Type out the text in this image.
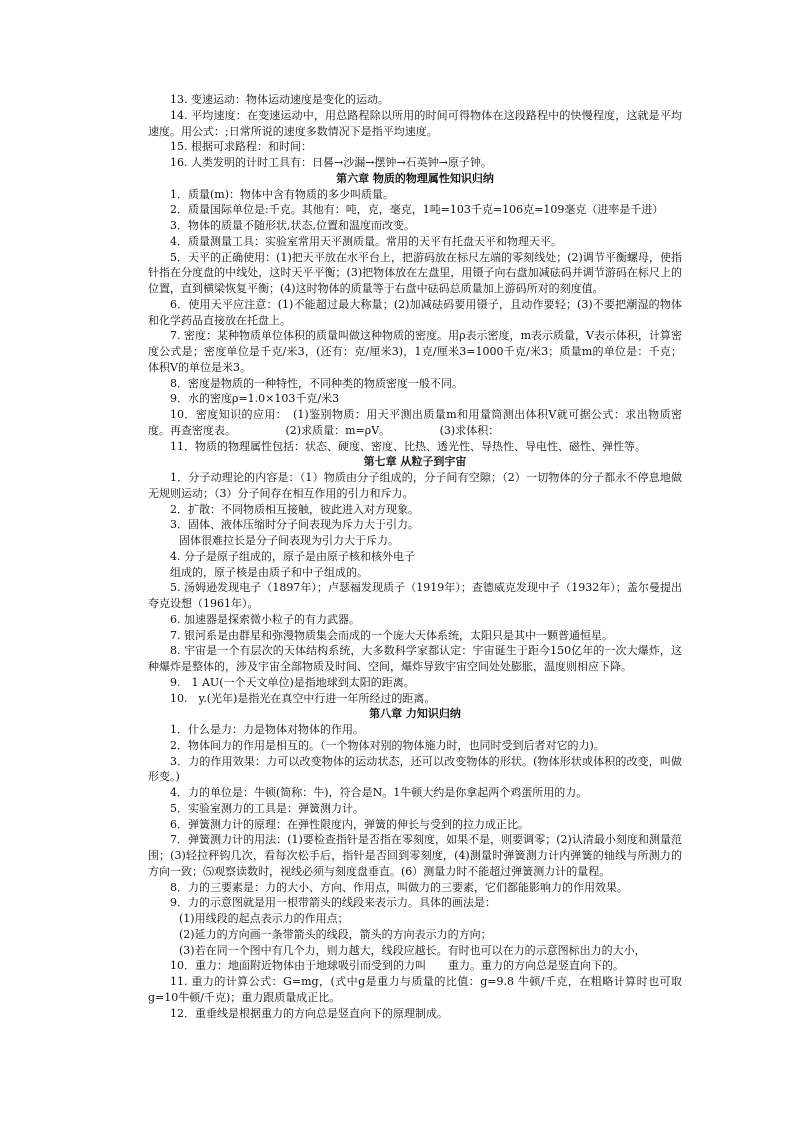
13. 变速运动：物体运动速度是变化的运动。
14. 平均速度：在变速运动中，用总路程除以所用的时间可得物体在这段路程中的快慢程度，这就是平均速度。用公式：;日常所说的速度多数情况下是指平均速度。
15. 根据可求路程：和时间：
16. 人类发明的计时工具有：日晷→沙漏→摆钟→石英钟→原子钟。
第六章 物质的物理属性知识归纳
1．质量(m)：物体中含有物质的多少叫质量。
2．质量国际单位是:千克。其他有：吨，克，毫克，1吨=103千克=106克=109毫克（进率是千进）
3．物体的质量不随形状,状态,位置和温度而改变。
4．质量测量工具：实验室常用天平测质量。常用的天平有托盘天平和物理天平。
5．天平的正确使用：(1)把天平放在水平台上，把游码放在标尺左端的零刻线处；(2)调节平衡螺母，使指针指在分度盘的中线处，这时天平平衡；(3)把物体放在左盘里，用镊子向右盘加减砝码并调节游码在标尺上的位置，直到横梁恢复平衡；(4)这时物体的质量等于右盘中砝码总质量加上游码所对的刻度值。
6．使用天平应注意：(1)不能超过最大称量；(2)加减砝码要用镊子，且动作要轻；(3)不要把潮湿的物体和化学药品直接放在托盘上。
7. 密度：某种物质单位体积的质量叫做这种物质的密度。用ρ表示密度，m表示质量，V表示体积，计算密度公式是；密度单位是千克/米3，(还有：克/厘米3)，1克/厘米3=1000千克/米3；质量m的单位是：千克；体积V的单位是米3。
8．密度是物质的一种特性，不同种类的物质密度一般不同。
9．水的密度ρ=1.0×103千克/米3
10．密度知识的应用：　(1)鉴别物质：用天平测出质量m和用量筒测出体积V就可据公式：求出物质密度。再查密度表。　　　　　(2)求质量：m=ρV。　　　　　(3)求体积：
11．物质的物理属性包括：状态、硬度、密度、比热、透光性、导热性、导电性、磁性、弹性等。
第七章 从粒子到宇宙
1．分子动理论的内容是：（1）物质由分子组成的，分子间有空隙；（2）一切物体的分子都永不停息地做无规则运动；（3）分子间存在相互作用的引力和斥力。
2．扩散：不同物质相互接触，彼此进入对方现象。
3．固体、液体压缩时分子间表现为斥力大于引力。
固体很难拉长是分子间表现为引力大于斥力。
4. 分子是原子组成的，原子是由原子核和核外电子
组成的，原子核是由质子和中子组成的。
5. 汤姆逊发现电子（1897年）；卢瑟福发现质子（1919年）；查德威克发现中子（1932年）；盖尔曼提出夸克设想（1961年）。
6. 加速器是探索微小粒子的有力武器。
7. 银河系是由群星和弥漫物质集会而成的一个庞大天体系统，太阳只是其中一颗普通恒星。
8. 宇宙是一个有层次的天体结构系统，大多数科学家都认定：宇宙诞生于距今150亿年的一次大爆炸，这种爆炸是整体的，涉及宇宙全部物质及时间、空间，爆炸导致宇宙空间处处膨胀，温度则相应下降。
9.　1 AU(一个天文单位)是指地球到太阳的距离。
10.　y.(光年)是指光在真空中行进一年所经过的距离。
第八章 力知识归纳
1．什么是力：力是物体对物体的作用。
2．物体间力的作用是相互的。（一个物体对别的物体施力时，也同时受到后者对它的力)。
3．力的作用效果：力可以改变物体的运动状态，还可以改变物体的形状。(物体形状或体积的改变，叫做形变。)
4．力的单位是：牛顿(简称：牛)，符合是N。1牛顿大约是你拿起两个鸡蛋所用的力。
5．实验室测力的工具是：弹簧测力计。
6．弹簧测力计的原理：在弹性限度内，弹簧的伸长与受到的拉力成正比。
7．弹簧测力计的用法：(1)要检查指针是否指在零刻度，如果不是，则要调零；(2)认清最小刻度和测量范围；(3)轻拉秤钩几次，看每次松手后，指针是否回到零刻度，(4)测量时弹簧测力计内弹簧的轴线与所测力的方向一致；⑸观察读数时，视线必须与刻度盘垂直。(6）测量力时不能超过弹簧测力计的量程。
8．力的三要素是：力的大小、方向、作用点，叫做力的三要素，它们都能影响力的作用效果。
9．力的示意图就是用一根带箭头的线段来表示力。具体的画法是：
(1)用线段的起点表示力的作用点；
(2)延力的方向画一条带箭头的线段，箭头的方向表示力的方向；
(3)若在同一个图中有几个力，则力越大，线段应越长。有时也可以在力的示意图标出力的大小，
10．重力：地面附近物体由于地球吸引而受到的力叫　　重力。重力的方向总是竖直向下的。
11. 重力的计算公式：G=mg，(式中g是重力与质量的比值：g=9.8 牛顿/千克，在粗略计算时也可取g=10牛顿/千克)；重力跟质量成正比。
12．重垂线是根据重力的方向总是竖直向下的原理制成。
